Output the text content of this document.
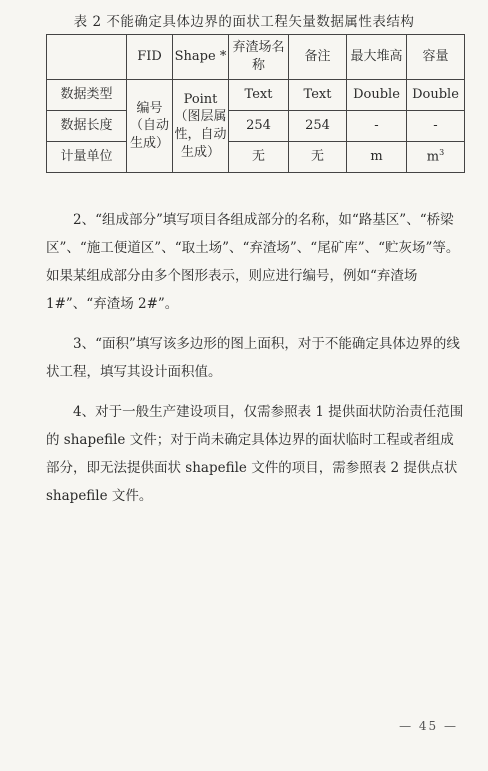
表 2 不能确定具体边界的面状工程矢量数据属性表结构
	FID	Shape *	弃渣场名称	备注	最大堆高	容量
数据类型	编号（自动生成）	Point（图层属性，自动生成）	Text	Text	Double	Double
数据长度			254	254	-	-
计量单位			无	无	m	$m^3$

2、“组成部分”填写项目各组成部分的名称，如“路基区”、“桥梁区”、“施工便道区”、“取土场”、“弃渣场”、“尾矿库”、“贮灰场”等。如果某组成部分由多个图形表示，则应进行编号，例如“弃渣场 1#”、“弃渣场 2#”。

3、“面积”填写该多边形的图上面积，对于不能确定具体边界的线状工程，填写其设计面积值。

4、对于一般生产建设项目，仅需参照表 1 提供面状防治责任范围的 shapefile 文件；对于尚未确定具体边界的面状临时工程或者组成部分，即无法提供面状 shapefile 文件的项目，需参照表 2 提供点状 shapefile 文件。

— 45 —
